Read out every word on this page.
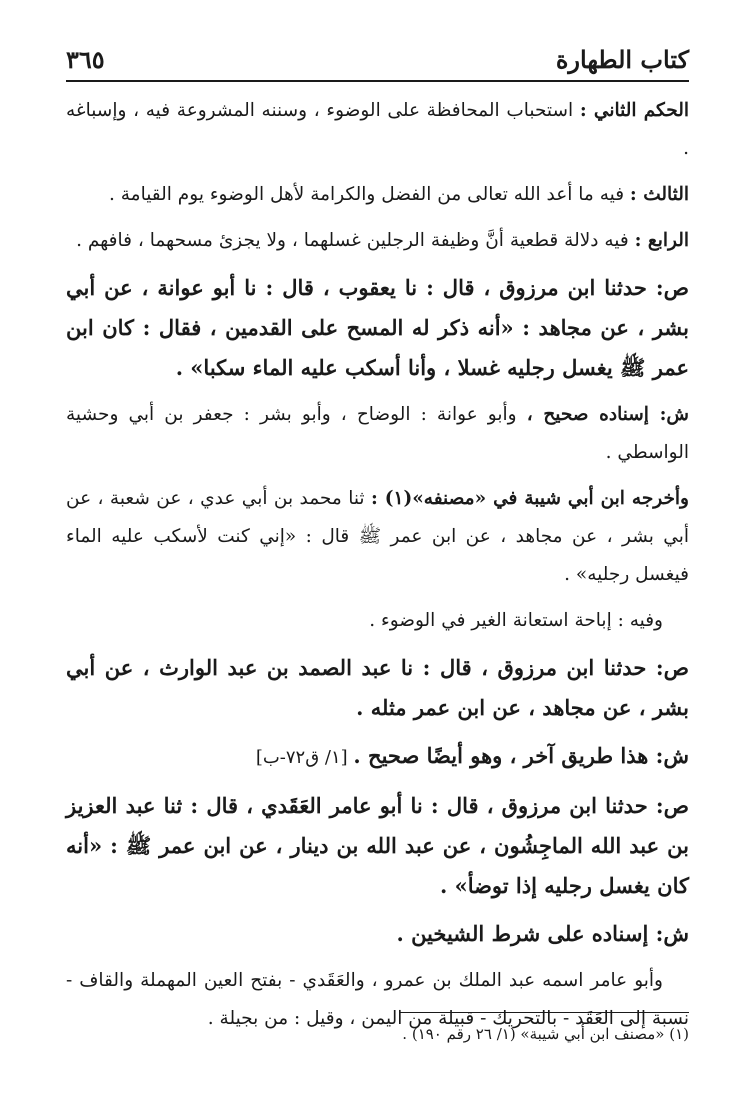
كتاب الطهارة
٣٦٥

الحكم الثاني : استحباب المحافظة على الوضوء ، وسننه المشروعة فيه ، وإسباغه .

الثالث : فيه ما أعد الله تعالى من الفضل والكرامة لأهل الوضوء يوم القيامة .

الرابع : فيه دلالة قطعية أنَّ وظيفة الرجلين غسلهما ، ولا يجزئ مسحهما ، فافهم .

ص: حدثنا ابن مرزوق ، قال : نا يعقوب ، قال : نا أبو عوانة ، عن أبي بشر ، عن مجاهد : «أنه ذكر له المسح على القدمين ، فقال : كان ابن عمر ﷺ يغسل رجليه غسلا ، وأنا أسكب عليه الماء سكبا» .

ش: إسناده صحيح ، وأبو عوانة : الوضاح ، وأبو بشر : جعفر بن أبي وحشية الواسطي .

وأخرجه ابن أبي شيبة في «مصنفه»(١) : ثنا محمد بن أبي عدي ، عن شعبة ، عن أبي بشر ، عن مجاهد ، عن ابن عمر ﷺ قال : «إني كنت لأسكب عليه الماء فيغسل رجليه» .

وفيه : إباحة استعانة الغير في الوضوء .

ص: حدثنا ابن مرزوق ، قال : نا عبد الصمد بن عبد الوارث ، عن أبي بشر ، عن مجاهد ، عن ابن عمر مثله .

ش: هذا طريق آخر ، وهو أيضًا صحيح . [١/ ق٧٢-ب]

ص: حدثنا ابن مرزوق ، قال : نا أبو عامر العَقَدي ، قال : ثنا عبد العزيز بن عبد الله الماجِشُون ، عن عبد الله بن دينار ، عن ابن عمر ﷺ : «أنه كان يغسل رجليه إذا توضأ» .

ش: إسناده على شرط الشيخين .

وأبو عامر اسمه عبد الملك بن عمرو ، والعَقَدي - بفتح العين المهملة والقاف - نسبة إلى العَقَد - بالتحريك - قبيلة من اليمن ، وقيل : من بجيلة .

(١) «مصنف ابن أبي شيبة» (١/ ٢٦ رقم ١٩٠) .
